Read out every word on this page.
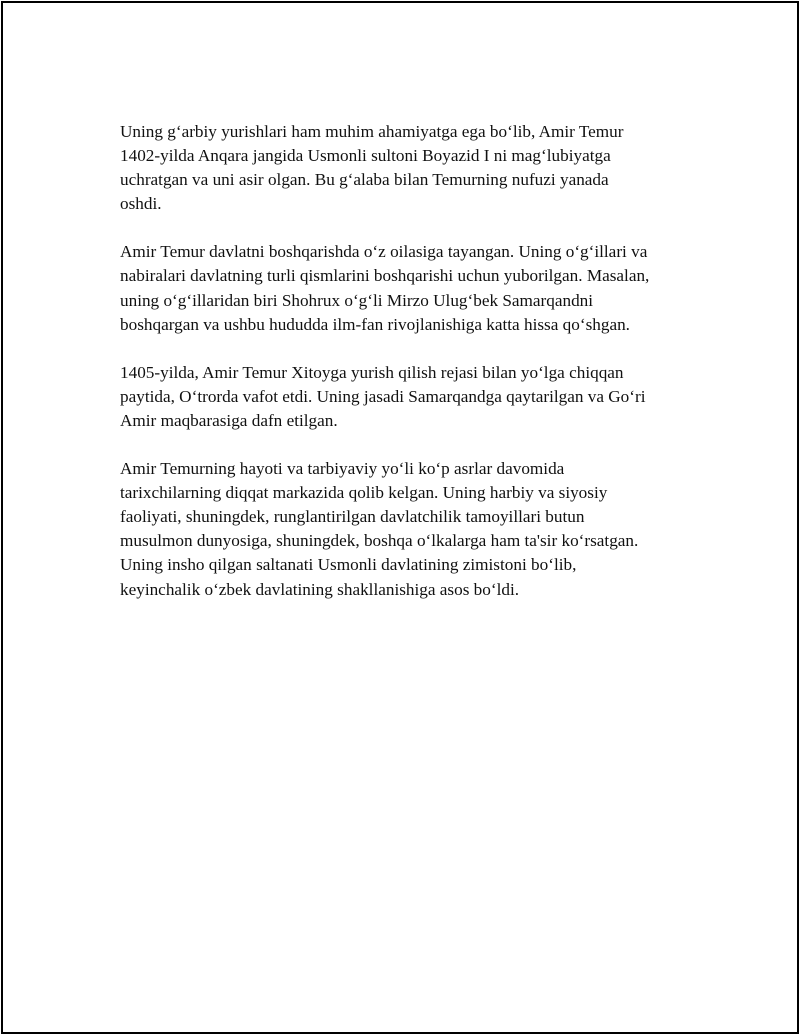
Uning g‘arbiy yurishlari ham muhim ahamiyatga ega bo‘lib, Amir Temur
1402-yilda Anqara jangida Usmonli sultoni Boyazid I ni mag‘lubiyatga
uchratgan va uni asir olgan. Bu g‘alaba bilan Temurning nufuzi yanada
oshdi.

Amir Temur davlatni boshqarishda o‘z oilasiga tayangan. Uning o‘g‘illari va
nabiralari davlatning turli qismlarini boshqarishi uchun yuborilgan. Masalan,
uning o‘g‘illaridan biri Shohrux o‘g‘li Mirzo Ulug‘bek Samarqandni
boshqargan va ushbu hududda ilm-fan rivojlanishiga katta hissa qo‘shgan.

1405-yilda, Amir Temur Xitoyga yurish qilish rejasi bilan yo‘lga chiqqan
paytida, O‘trorda vafot etdi. Uning jasadi Samarqandga qaytarilgan va Go‘ri
Amir maqbarasiga dafn etilgan.

Amir Temurning hayoti va tarbiyaviy yo‘li ko‘p asrlar davomida
tarixchilarning diqqat markazida qolib kelgan. Uning harbiy va siyosiy
faoliyati, shuningdek, runglantirilgan davlatchilik tamoyillari butun
musulmon dunyosiga, shuningdek, boshqa o‘lkalarga ham ta'sir ko‘rsatgan.
Uning insho qilgan saltanati Usmonli davlatining zimistoni bo‘lib,
keyinchalik o‘zbek davlatining shakllanishiga asos bo‘ldi.
